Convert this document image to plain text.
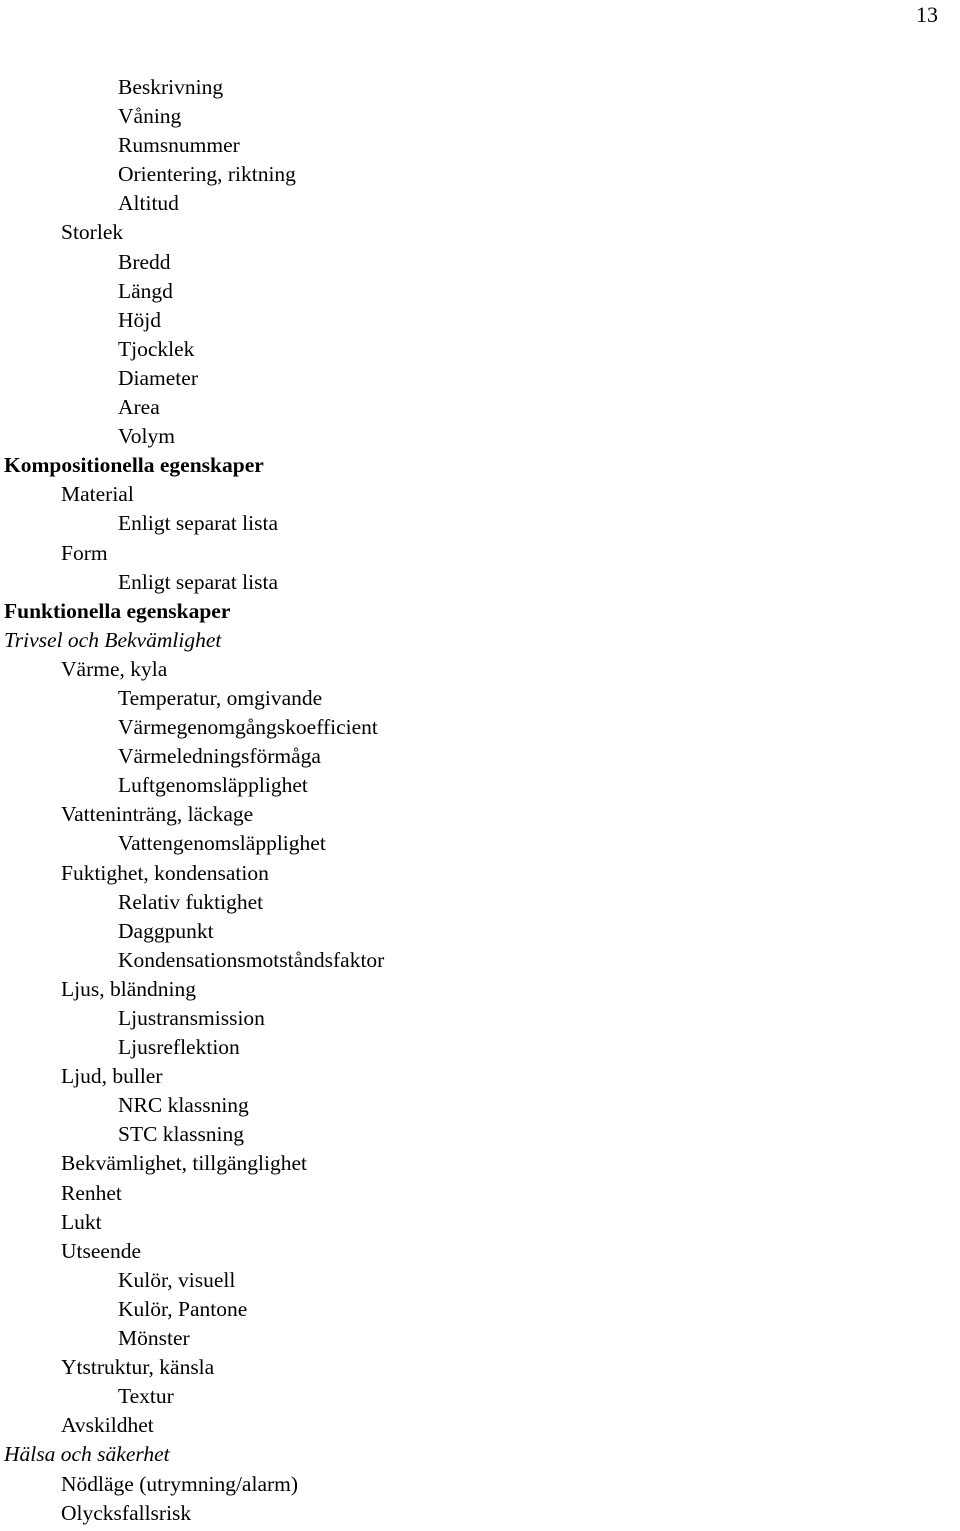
13
Beskrivning
Våning
Rumsnummer
Orientering, riktning
Altitud
Storlek
Bredd
Längd
Höjd
Tjocklek
Diameter
Area
Volym
Kompositionella egenskaper
Material
Enligt separat lista
Form
Enligt separat lista
Funktionella egenskaper
Trivsel och Bekvämlighet
Värme, kyla
Temperatur, omgivande
Värmegenomgångskoefficient
Värmeledningsförmåga
Luftgenomsläpplighet
Vatteninträng, läckage
Vattengenomsläpplighet
Fuktighet, kondensation
Relativ fuktighet
Daggpunkt
Kondensationsmotståndsfaktor
Ljus, bländning
Ljustransmission
Ljusreflektion
Ljud, buller
NRC klassning
STC klassning
Bekvämlighet, tillgänglighet
Renhet
Lukt
Utseende
Kulör, visuell
Kulör, Pantone
Mönster
Ytstruktur, känsla
Textur
Avskildhet
Hälsa och säkerhet
Nödläge (utrymning/alarm)
Olycksfallsrisk
